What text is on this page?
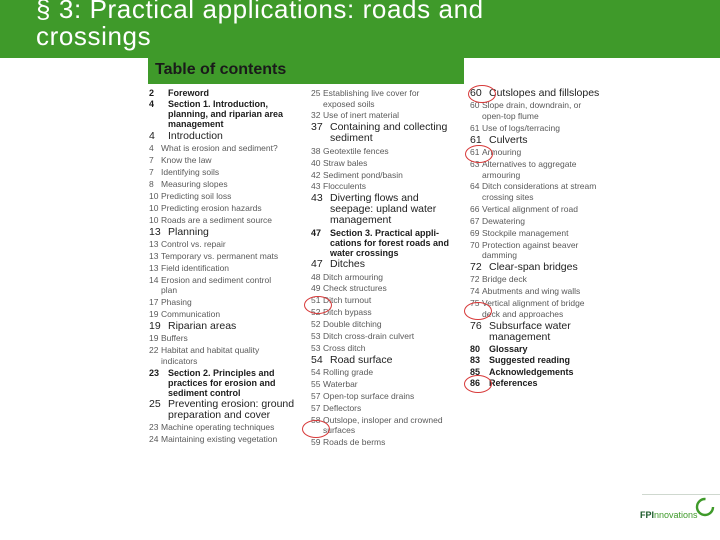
§ 3: Practical applications: roads and
crossings
Table of contents
2 Foreword
4 Section 1. Introduction,
planning, and riparian area
management
4 Introduction
4 What is erosion and sediment?
7 Know the law
7 Identifying soils
8 Measuring slopes
10 Predicting soil loss
10 Predicting erosion hazards
10 Roads are a sediment source
13 Planning
13 Control vs. repair
13 Temporary vs. permanent mats
13 Field identification
14 Erosion and sediment control
plan
17 Phasing
19 Communication
19 Riparian areas
19 Buffers
22 Habitat and habitat quality
indicators
23 Section 2. Principles and
practices for erosion and
sediment control
25 Preventing erosion: ground
preparation and cover
23 Machine operating techniques
24 Maintaining existing vegetation
25 Establishing live cover for
exposed soils
32 Use of inert material
37 Containing and collecting
sediment
38 Geotextile fences
40 Straw bales
42 Sediment pond/basin
43 Flocculents
43 Diverting flows and
seepage: upland water
management
47 Section 3. Practical appli-
cations for forest roads and
water crossings
47 Ditches
48 Ditch armouring
49 Check structures
51 Ditch turnout
52 Ditch bypass
52 Double ditching
53 Ditch cross-drain culvert
53 Cross ditch
54 Road surface
54 Rolling grade
55 Waterbar
57 Open-top surface drains
57 Deflectors
58 Outslope, insloper and crowned
surfaces
59 Roads de berms
60 Cutslopes and fillslopes
60 Slope drain, downdrain, or
open-top flume
61 Use of logs/terracing
61 Culverts
61 Armouring
63 Alternatives to aggregate
armouring
64 Ditch considerations at stream
crossing sites
66 Vertical alignment of road
67 Dewatering
69 Stockpile management
70 Protection against beaver
damming
72 Clear-span bridges
72 Bridge deck
74 Abutments and wing walls
75 Vertical alignment of bridge
deck and approaches
76 Subsurface water
management
80 Glossary
83 Suggested reading
85 Acknowledgements
86 References
FPInnovations
